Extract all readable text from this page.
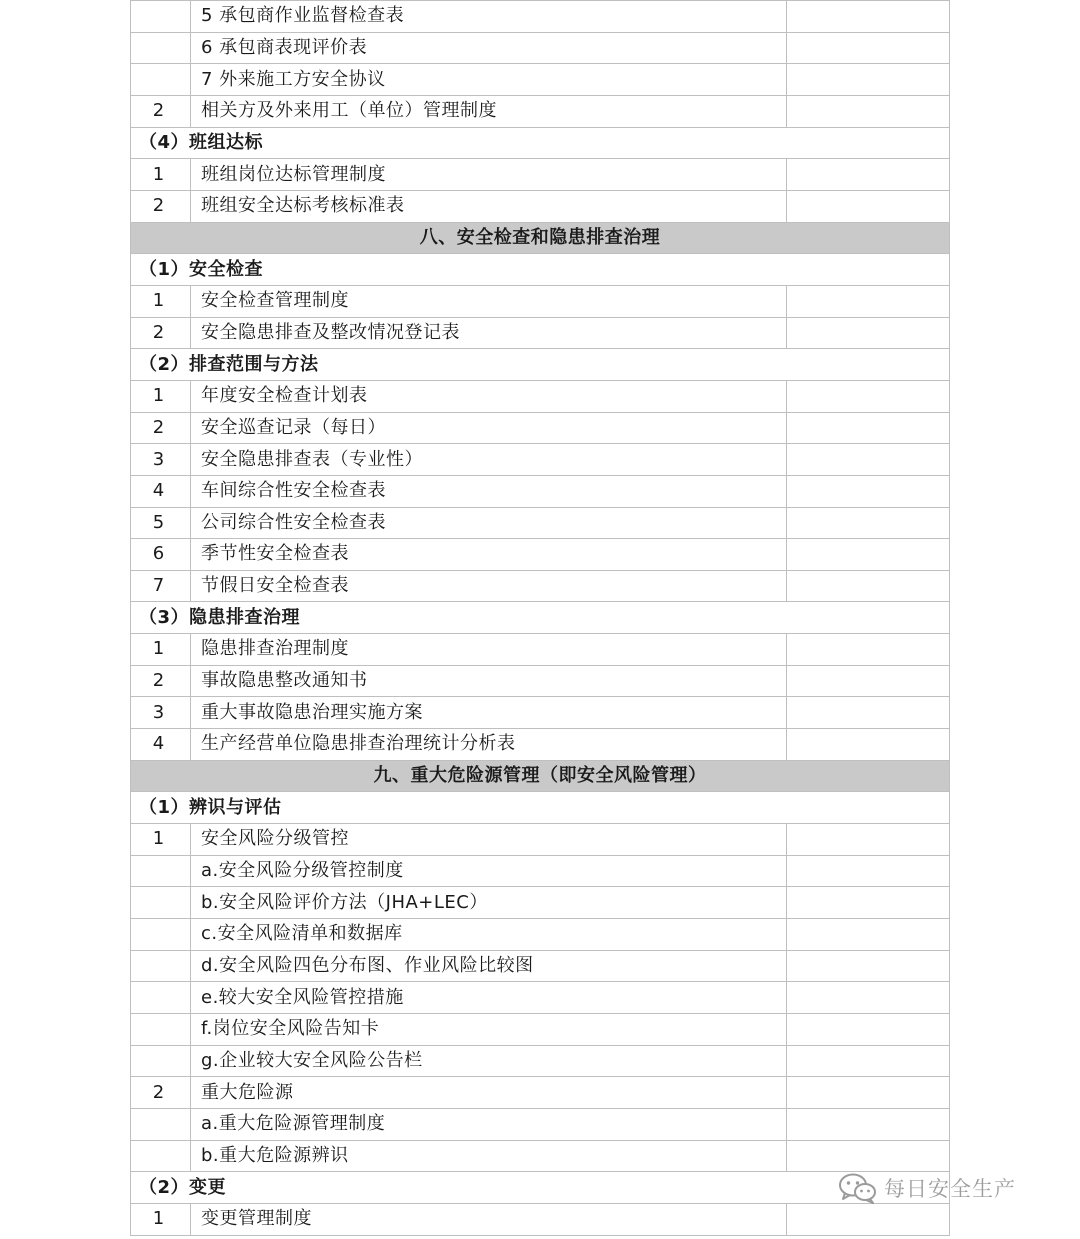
	5 承包商作业监督检查表	
	6 承包商表现评价表	
	7 外来施工方安全协议	
2	相关方及外来用工（单位）管理制度	
（4）班组达标		
1	班组岗位达标管理制度	
2	班组安全达标考核标准表	
八、安全检查和隐患排查治理		
（1）安全检查		
1	安全检查管理制度	
2	安全隐患排查及整改情况登记表	
（2）排查范围与方法		
1	年度安全检查计划表	
2	安全巡查记录（每日）	
3	安全隐患排查表（专业性）	
4	车间综合性安全检查表	
5	公司综合性安全检查表	
6	季节性安全检查表	
7	节假日安全检查表	
（3）隐患排查治理		
1	隐患排查治理制度	
2	事故隐患整改通知书	
3	重大事故隐患治理实施方案	
4	生产经营单位隐患排查治理统计分析表	
九、重大危险源管理（即安全风险管理）		
（1）辨识与评估		
1	安全风险分级管控	
	a.安全风险分级管控制度	
	b.安全风险评价方法（JHA+LEC）	
	c.安全风险清单和数据库	
	d.安全风险四色分布图、作业风险比较图	
	e.较大安全风险管控措施	
	f.岗位安全风险告知卡	
	g.企业较大安全风险公告栏	
2	重大危险源	
	a.重大危险源管理制度	
	b.重大危险源辨识	
（2）变更		
1	变更管理制度	
每日安全生产
